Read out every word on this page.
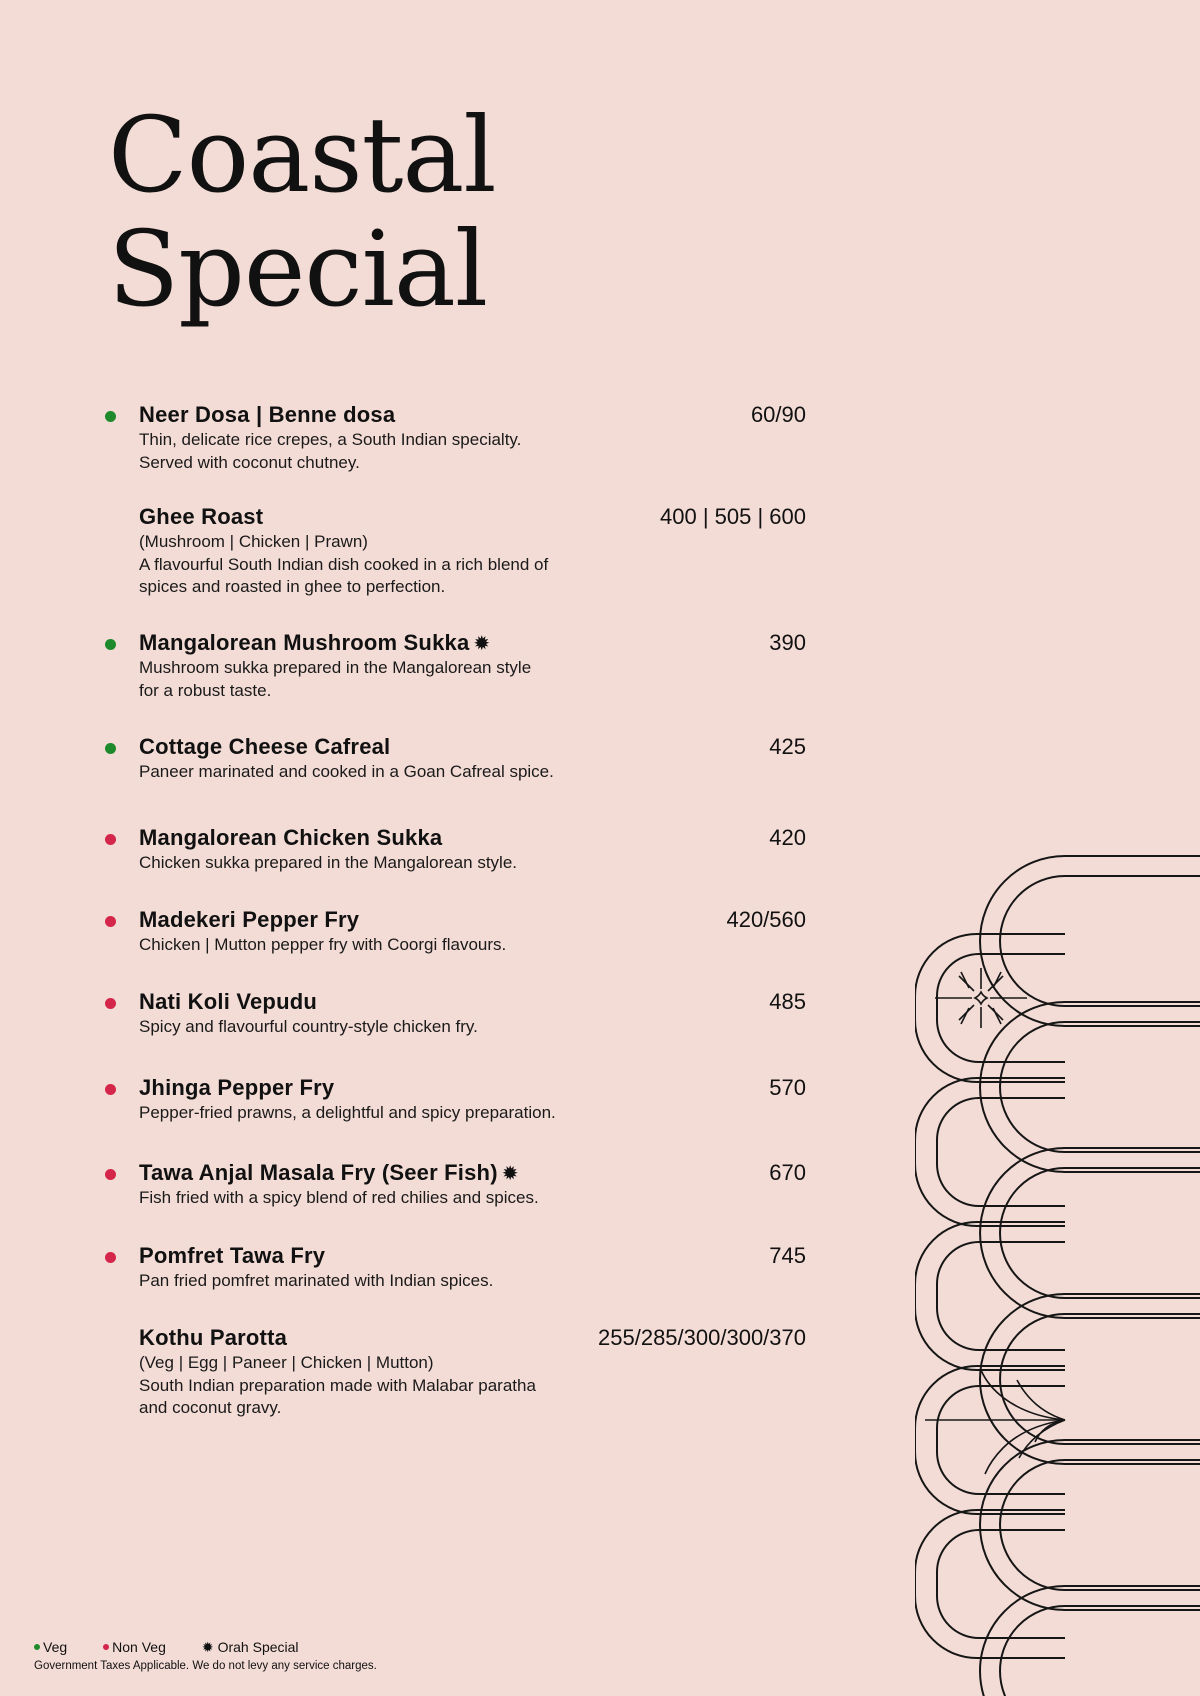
Coastal
Special
Neer Dosa | Benne dosa	60/90
Thin, delicate rice crepes, a South Indian specialty.
Served with coconut chutney.
Ghee Roast	400 | 505 | 600
(Mushroom | Chicken | Prawn)
A flavourful South Indian dish cooked in a rich blend of
spices and roasted in ghee to perfection.
Mangalorean Mushroom Sukka ✹	390
Mushroom sukka prepared in the Mangalorean style
for a robust taste.
Cottage Cheese Cafreal	425
Paneer marinated and cooked in a Goan Cafreal spice.
Mangalorean Chicken Sukka	420
Chicken sukka prepared in the Mangalorean style.
Madekeri Pepper Fry	420/560
Chicken | Mutton pepper fry with Coorgi flavours.
Nati Koli Vepudu	485
Spicy and flavourful country-style chicken fry.
Jhinga Pepper Fry	570
Pepper-fried prawns, a delightful and spicy preparation.
Tawa Anjal Masala Fry (Seer Fish) ✹	670
Fish fried with a spicy blend of red chilies and spices.
Pomfret Tawa Fry	745
Pan fried pomfret marinated with Indian spices.
Kothu Parotta	255/285/300/300/370
(Veg | Egg | Paneer | Chicken | Mutton)
South Indian preparation made with Malabar paratha
and coconut gravy.
Veg	Non Veg	✹ Orah Special
Government Taxes Applicable. We do not levy any service charges.
